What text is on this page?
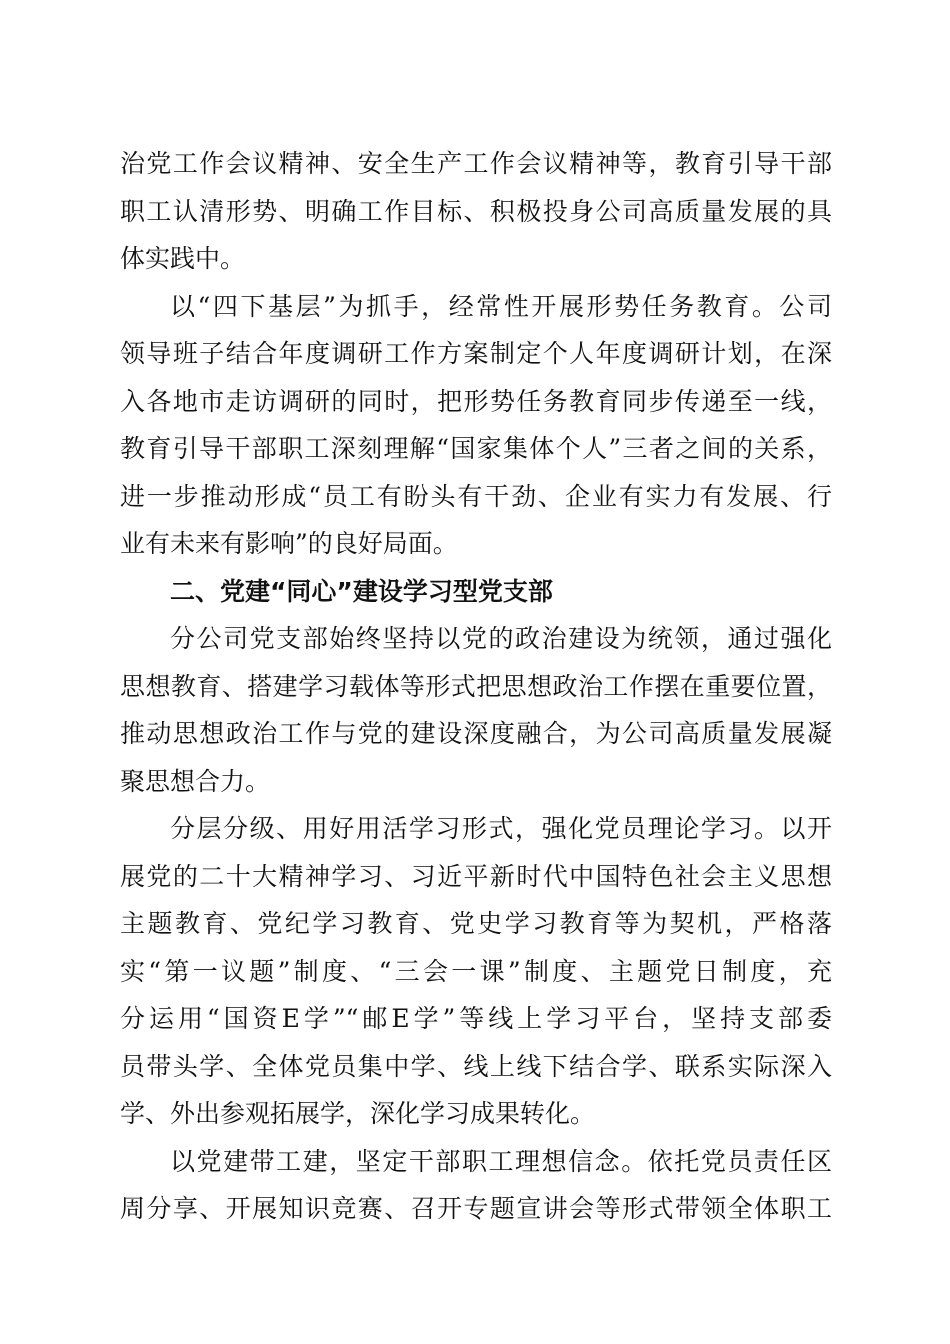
治党工作会议精神、安全生产工作会议精神等，教育引导干部
职工认清形势、明确工作目标、积极投身公司高质量发展的具
体实践中。
以“四下基层”为抓手，经常性开展形势任务教育。公司
领导班子结合年度调研工作方案制定个人年度调研计划，在深
入各地市走访调研的同时，把形势任务教育同步传递至一线，
教育引导干部职工深刻理解“国家集体个人”三者之间的关系，
进一步推动形成“员工有盼头有干劲、企业有实力有发展、行
业有未来有影响”的良好局面。
二、党建“同心”建设学习型党支部
分公司党支部始终坚持以党的政治建设为统领，通过强化
思想教育、搭建学习载体等形式把思想政治工作摆在重要位置，
推动思想政治工作与党的建设深度融合，为公司高质量发展凝
聚思想合力。
分层分级、用好用活学习形式，强化党员理论学习。以开
展党的二十大精神学习、习近平新时代中国特色社会主义思想
主题教育、党纪学习教育、党史学习教育等为契机，严格落
实“第一议题”制度、“三会一课”制度、主题党日制度，充
分运用“国资E学”“邮E学”等线上学习平台，坚持支部委
员带头学、全体党员集中学、线上线下结合学、联系实际深入
学、外出参观拓展学，深化学习成果转化。
以党建带工建，坚定干部职工理想信念。依托党员责任区
周分享、开展知识竞赛、召开专题宣讲会等形式带领全体职工
